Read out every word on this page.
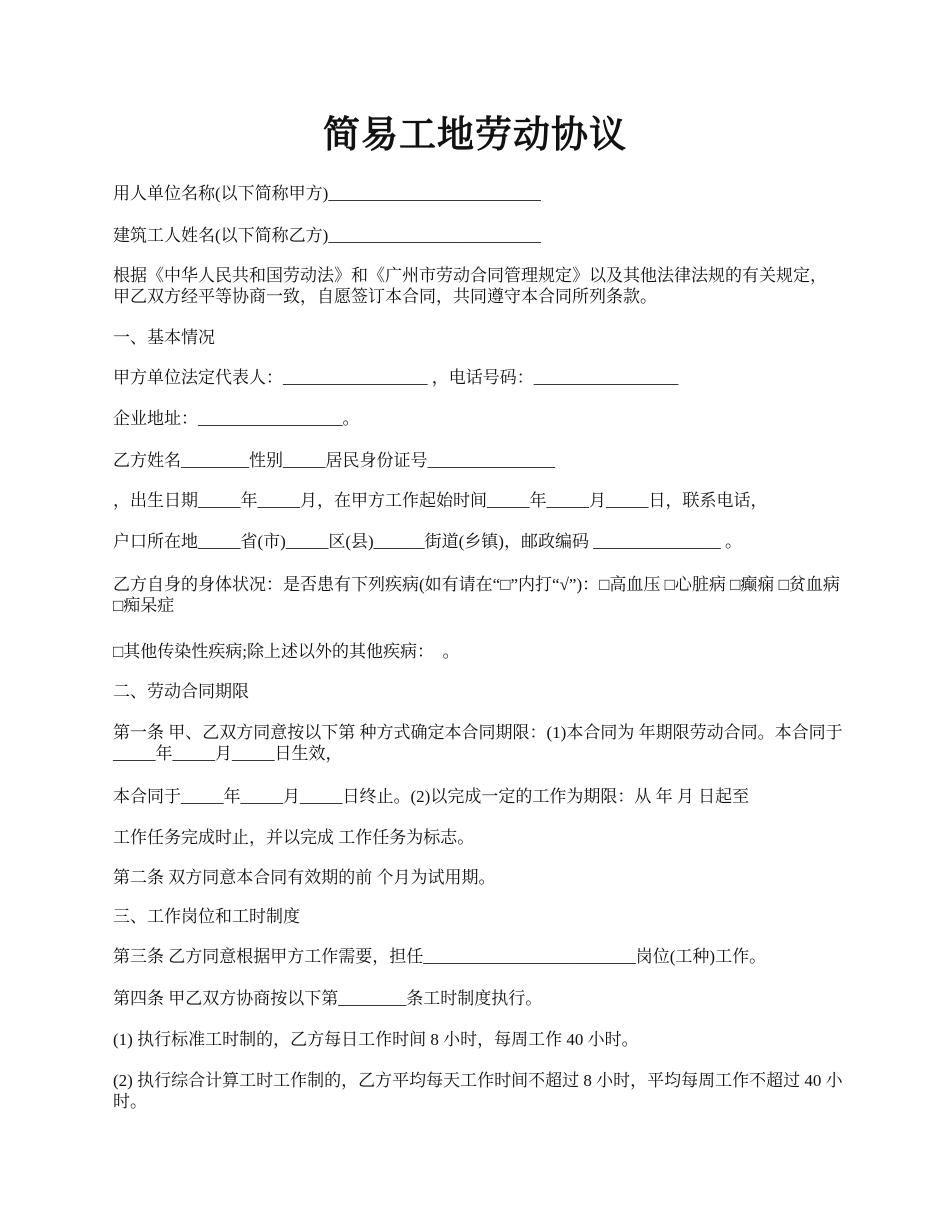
简易工地劳动协议

用人单位名称(以下简称甲方)_________________________

建筑工人姓名(以下简称乙方)_________________________

根据《中华人民共和国劳动法》和《广州市劳动合同管理规定》以及其他法律法规的有关规定，甲乙双方经平等协商一致，自愿签订本合同，共同遵守本合同所列条款。

一、基本情况

甲方单位法定代表人：_________________ ，电话号码：_________________

企业地址：_________________。

乙方姓名________性别_____居民身份证号_______________

，出生日期_____年_____月，在甲方工作起始时间_____年_____月_____日，联系电话，

户口所在地_____省(市)_____区(县)______街道(乡镇)，邮政编码 _______________ 。

乙方自身的身体状况：是否患有下列疾病(如有请在“□”内打“√”)：□高血压 □心脏病 □癫痫 □贫血病 □痴呆症

□其他传染性疾病;除上述以外的其他疾病：  。

二、劳动合同期限

第一条 甲、乙双方同意按以下第 种方式确定本合同期限：(1)本合同为 年期限劳动合同。本合同于_____年_____月_____日生效，

本合同于_____年_____月_____日终止。(2)以完成一定的工作为期限：从 年 月 日起至

工作任务完成时止，并以完成 工作任务为标志。

第二条 双方同意本合同有效期的前 个月为试用期。

三、工作岗位和工时制度

第三条 乙方同意根据甲方工作需要，担任_________________________岗位(工种)工作。

第四条 甲乙双方协商按以下第________条工时制度执行。

(1) 执行标准工时制的，乙方每日工作时间 8 小时，每周工作 40 小时。

(2) 执行综合计算工时工作制的，乙方平均每天工作时间不超过 8 小时，平均每周工作不超过 40 小时。
